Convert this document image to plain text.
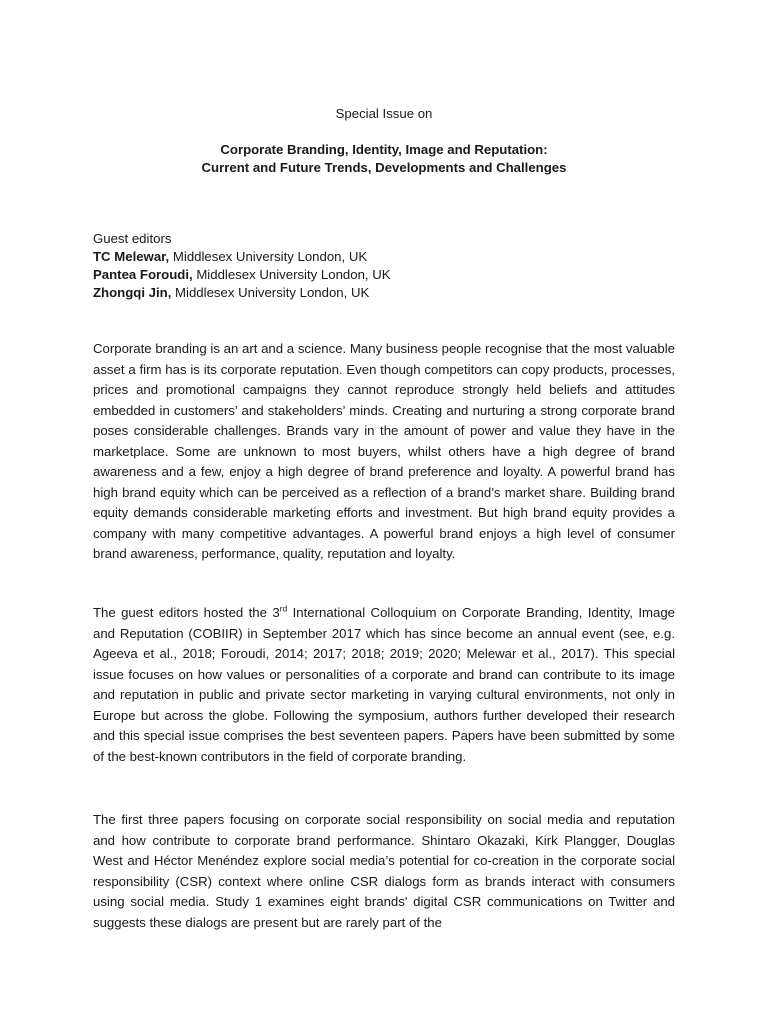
Special Issue on
Corporate Branding, Identity, Image and Reputation:
Current and Future Trends, Developments and Challenges
Guest editors
TC Melewar, Middlesex University London, UK
Pantea Foroudi, Middlesex University London, UK
Zhongqi Jin, Middlesex University London, UK

Corporate branding is an art and a science. Many business people recognise that the most valuable asset a firm has is its corporate reputation. Even though competitors can copy products, processes, prices and promotional campaigns they cannot reproduce strongly held beliefs and attitudes embedded in customers’ and stakeholders’ minds. Creating and nurturing a strong corporate brand poses considerable challenges. Brands vary in the amount of power and value they have in the marketplace. Some are unknown to most buyers, whilst others have a high degree of brand awareness and a few, enjoy a high degree of brand preference and loyalty. A powerful brand has high brand equity which can be perceived as a reflection of a brand’s market share. Building brand equity demands considerable marketing efforts and investment. But high brand equity provides a company with many competitive advantages. A powerful brand enjoys a high level of consumer brand awareness, performance, quality, reputation and loyalty.

The guest editors hosted the 3rd International Colloquium on Corporate Branding, Identity, Image and Reputation (COBIIR) in September 2017 which has since become an annual event (see, e.g. Ageeva et al., 2018; Foroudi, 2014; 2017; 2018; 2019; 2020; Melewar et al., 2017). This special issue focuses on how values or personalities of a corporate and brand can contribute to its image and reputation in public and private sector marketing in varying cultural environments, not only in Europe but across the globe. Following the symposium, authors further developed their research and this special issue comprises the best seventeen papers. Papers have been submitted by some of the best-known contributors in the field of corporate branding.

The first three papers focusing on corporate social responsibility on social media and reputation and how contribute to corporate brand performance. Shintaro Okazaki, Kirk Plangger, Douglas West and Héctor Menéndez explore social media’s potential for co-creation in the corporate social responsibility (CSR) context where online CSR dialogs form as brands interact with consumers using social media. Study 1 examines eight brands' digital CSR communications on Twitter and suggests these dialogs are present but are rarely part of the
